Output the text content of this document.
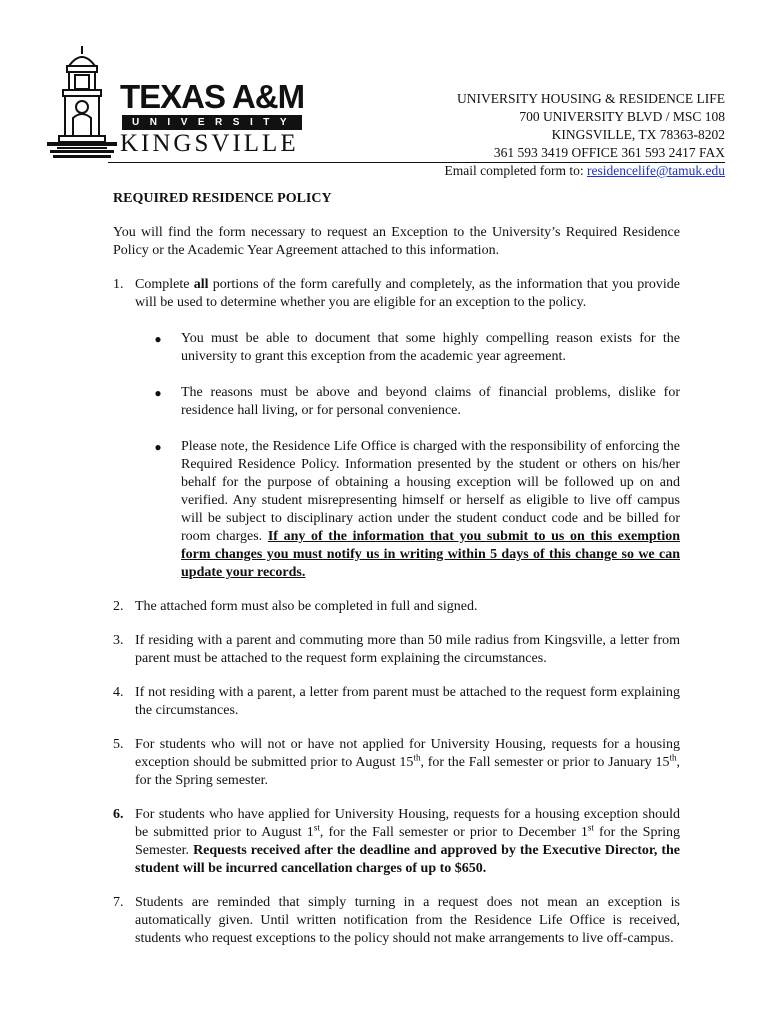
TEXAS A&M
UNIVERSITY
KINGSVILLE
UNIVERSITY HOUSING & RESIDENCE LIFE
700 UNIVERSITY BLVD / MSC 108
KINGSVILLE, TX 78363-8202
361 593 3419 OFFICE 361 593 2417 FAX
Email completed form to: residencelife@tamuk.edu
REQUIRED RESIDENCE POLICY

You will find the form necessary to request an Exception to the University’s Required Residence Policy or the Academic Year Agreement attached to this information.

1. Complete all portions of the form carefully and completely, as the information that you provide will be used to determine whether you are eligible for an exception to the policy.
●	You must be able to document that some highly compelling reason exists for the university to grant this exception from the academic year agreement.
●	The reasons must be above and beyond claims of financial problems, dislike for residence hall living, or for personal convenience.
●	Please note, the Residence Life Office is charged with the responsibility of enforcing the Required Residence Policy. Information presented by the student or others on his/her behalf for the purpose of obtaining a housing exception will be followed up on and verified. Any student misrepresenting himself or herself as eligible to live off campus will be subject to disciplinary action under the student conduct code and be billed for room charges. If any of the information that you submit to us on this exemption form changes you must notify us in writing within 5 days of this change so we can update your records.
2. The attached form must also be completed in full and signed.
3. If residing with a parent and commuting more than 50 mile radius from Kingsville, a letter from parent must be attached to the request form explaining the circumstances.
4. If not residing with a parent, a letter from parent must be attached to the request form explaining the circumstances.
5. For students who will not or have not applied for University Housing, requests for a housing exception should be submitted prior to August 15th, for the Fall semester or prior to January 15th, for the Spring semester.
6. For students who have applied for University Housing, requests for a housing exception should be submitted prior to August 1st, for the Fall semester or prior to December 1st for the Spring Semester. Requests received after the deadline and approved by the Executive Director, the student will be incurred cancellation charges of up to $650.
7. Students are reminded that simply turning in a request does not mean an exception is automatically given. Until written notification from the Residence Life Office is received, students who request exceptions to the policy should not make arrangements to live off-campus.
